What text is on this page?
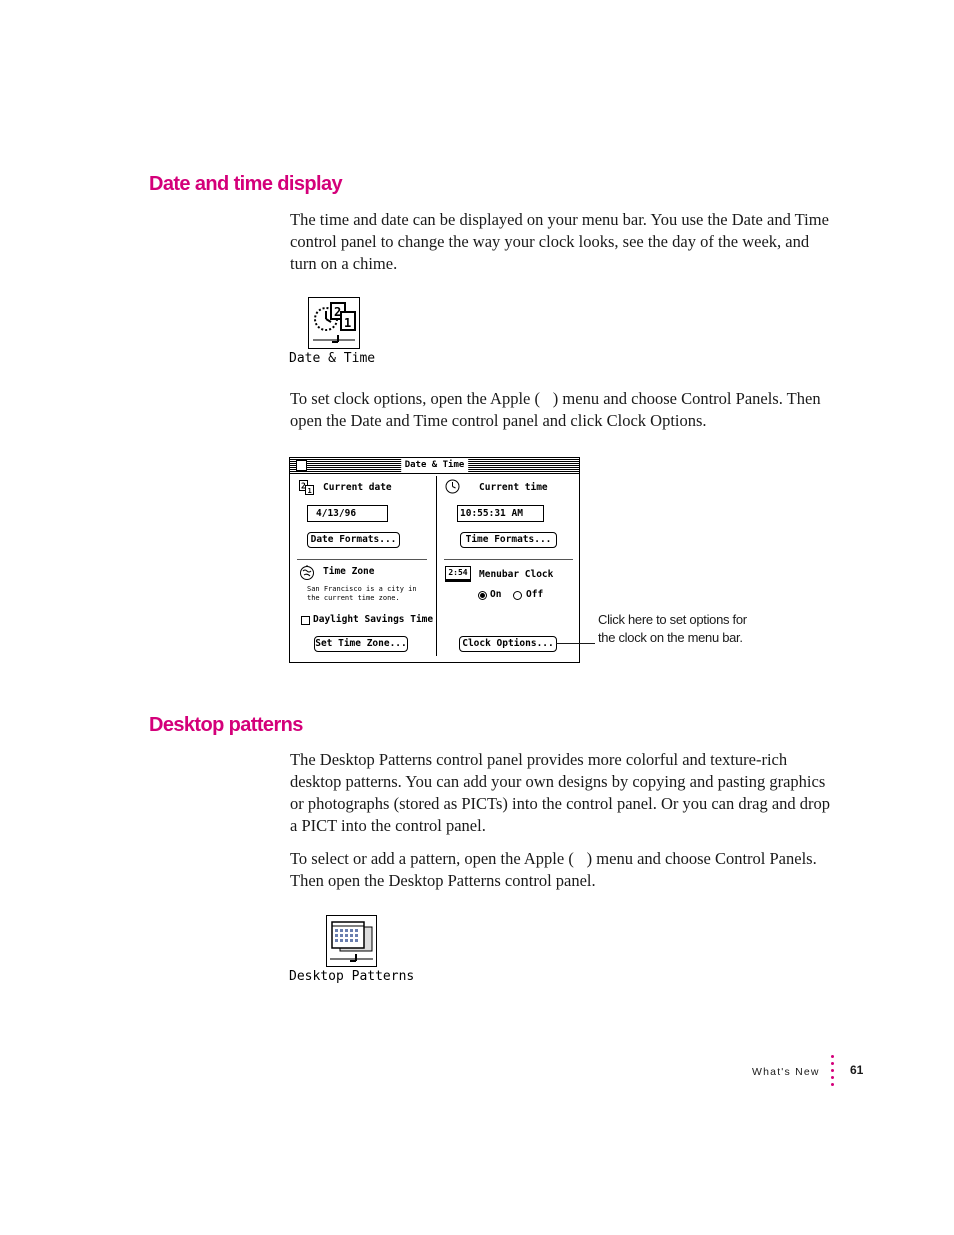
Date and time display

The time and date can be displayed on your menu bar. You use the Date and Time control panel to change the way your clock looks, see the day of the week, and turn on a chime.

2
1
Date & Time

To set clock options, open the Apple ( ) menu and choose Control Panels. Then open the Date and Time control panel and click Clock Options.

Date & Time
2
1 Current date
4/13/96
Date Formats...
Current time
10:55:31 AM
Time Formats...
Time Zone
San Francisco is a city in the current time zone.
Daylight Savings Time
Set Time Zone...
2:54	Menubar Clock
On	Off
Clock Options...
Click here to set options for
the clock on the menu bar.
Desktop patterns

The Desktop Patterns control panel provides more colorful and texture-rich desktop patterns. You can add your own designs by copying and pasting graphics or photographs (stored as PICTs) into the control panel. Or you can drag and drop a PICT into the control panel.

To select or add a pattern, open the Apple ( ) menu and choose Control Panels. Then open the Desktop Patterns control panel.

Desktop Patterns
What's New	61
